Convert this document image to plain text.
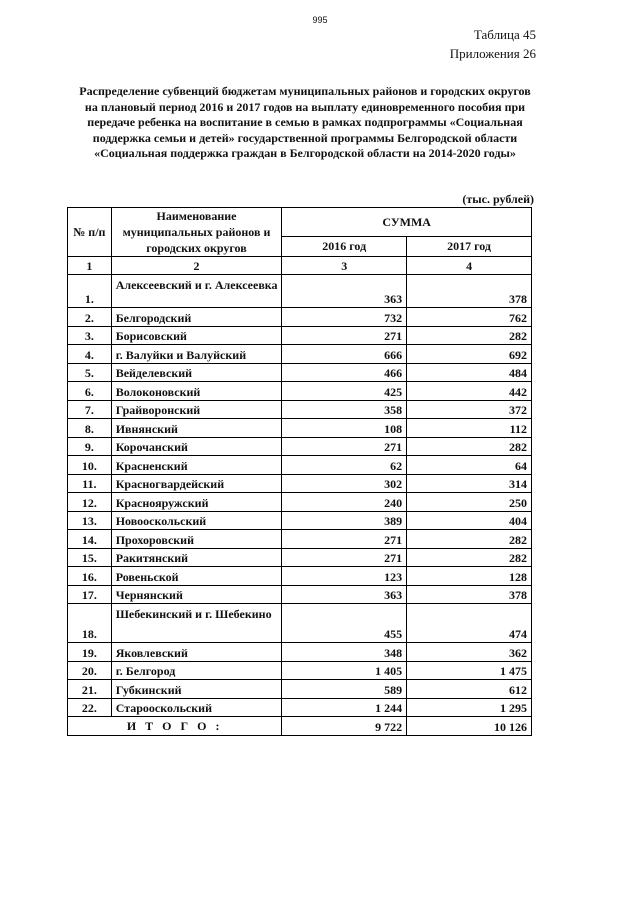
995
Таблица 45
Приложения 26
Распределение субвенций бюджетам муниципальных районов и городских округов
на плановый период 2016 и 2017 годов на выплату единовременного пособия при
передаче ребенка на воспитание в семью в рамках подпрограммы «Социальная
поддержка семьи и детей» государственной программы Белгородской области
«Социальная поддержка граждан в Белгородской области на 2014-2020 годы»
(тыс. рублей)
№ п/п	Наименование муниципальных районов и городских округов	СУММА	
		2016 год	2017 год
1	2	3	4
1.	Алексеевский и г. Алексеевка	363	378
2.	Белгородский	732	762
3.	Борисовский	271	282
4.	г. Валуйки и Валуйский	666	692
5.	Вейделевский	466	484
6.	Волоконовский	425	442
7.	Грайворонский	358	372
8.	Ивнянский	108	112
9.	Корочанский	271	282
10.	Красненский	62	64
11.	Красногвардейский	302	314
12.	Краснояружский	240	250
13.	Новооскольский	389	404
14.	Прохоровский	271	282
15.	Ракитянский	271	282
16.	Ровеньской	123	128
17.	Чернянский	363	378
18.	Шебекинский и г. Шебекино	455	474
19.	Яковлевский	348	362
20.	г. Белгород	1 405	1 475
21.	Губкинский	589	612
22.	Старооскольский	1 244	1 295
И Т О Г О :		9 722	10 126
